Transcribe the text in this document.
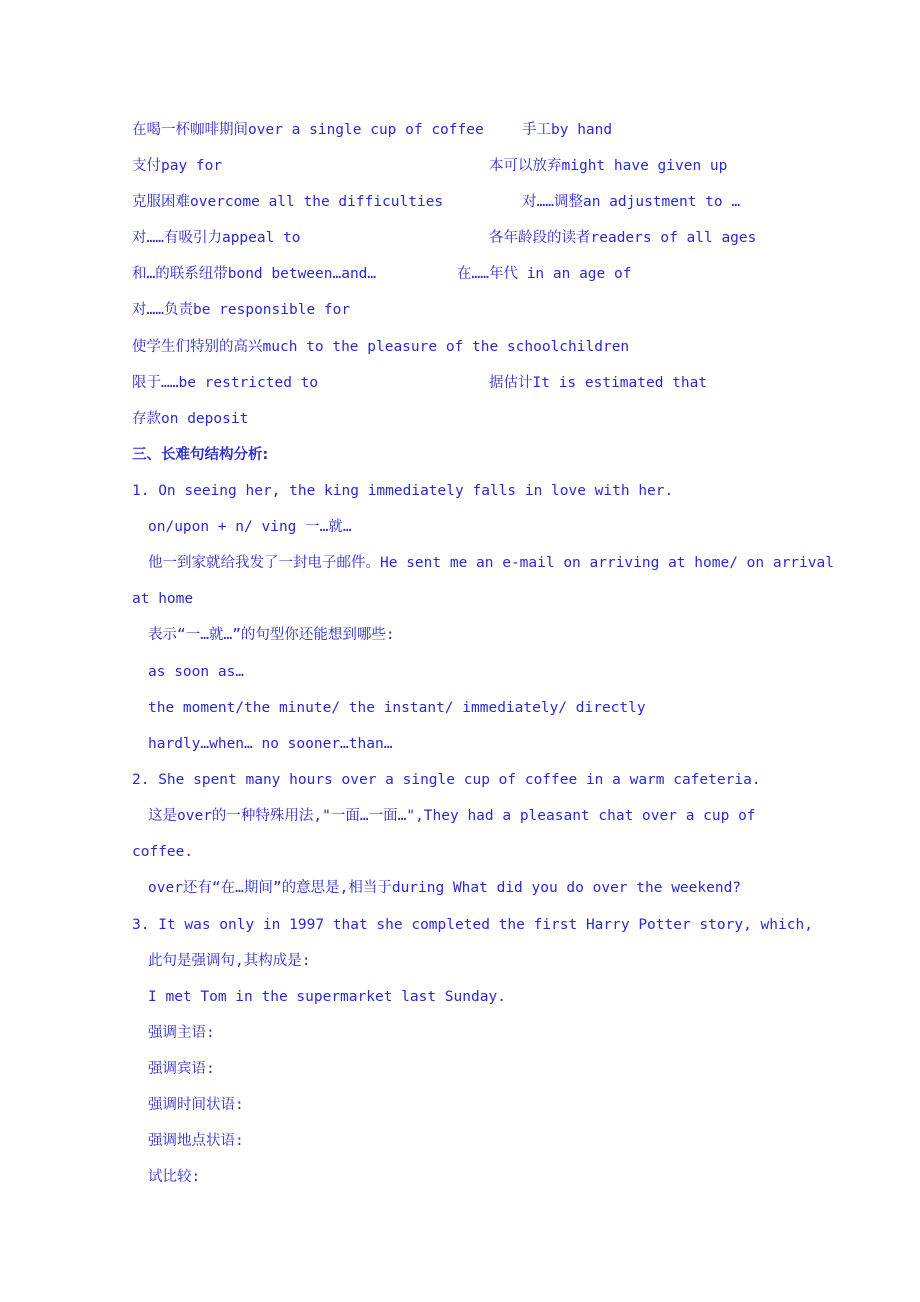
在喝一杯咖啡期间over a single cup of coffee	手工by hand
支付pay for	本可以放弃might have given up
克服困难overcome all the difficulties	对……调整an adjustment to …
对……有吸引力appeal to	各年龄段的读者readers of all ages
和…的联系纽带bond between…and…	在……年代 in an age of
对……负责be responsible for
使学生们特别的高兴much to the pleasure of the schoolchildren
限于……be restricted to	据估计It is estimated that
存款on deposit
三、长难句结构分析:
1. On seeing her, the king immediately falls in love with her.
on/upon + n/ ving 一…就…
他一到家就给我发了一封电子邮件。He sent me an e-mail on arriving at home/ on arrival
at home
表示“一…就…”的句型你还能想到哪些:
as soon as…
the moment/the minute/ the instant/ immediately/ directly
hardly…when… no sooner…than…
2. She spent many hours over a single cup of coffee in a warm cafeteria.
这是over的一种特殊用法,"一面…一面…",They had a pleasant chat over a cup of
coffee.
over还有“在…期间”的意思是,相当于during What did you do over the weekend?
3. It was only in 1997 that she completed the first Harry Potter story, which,
此句是强调句,其构成是:
I met Tom in the supermarket last Sunday.
强调主语:
强调宾语:
强调时间状语:
强调地点状语:
试比较:
